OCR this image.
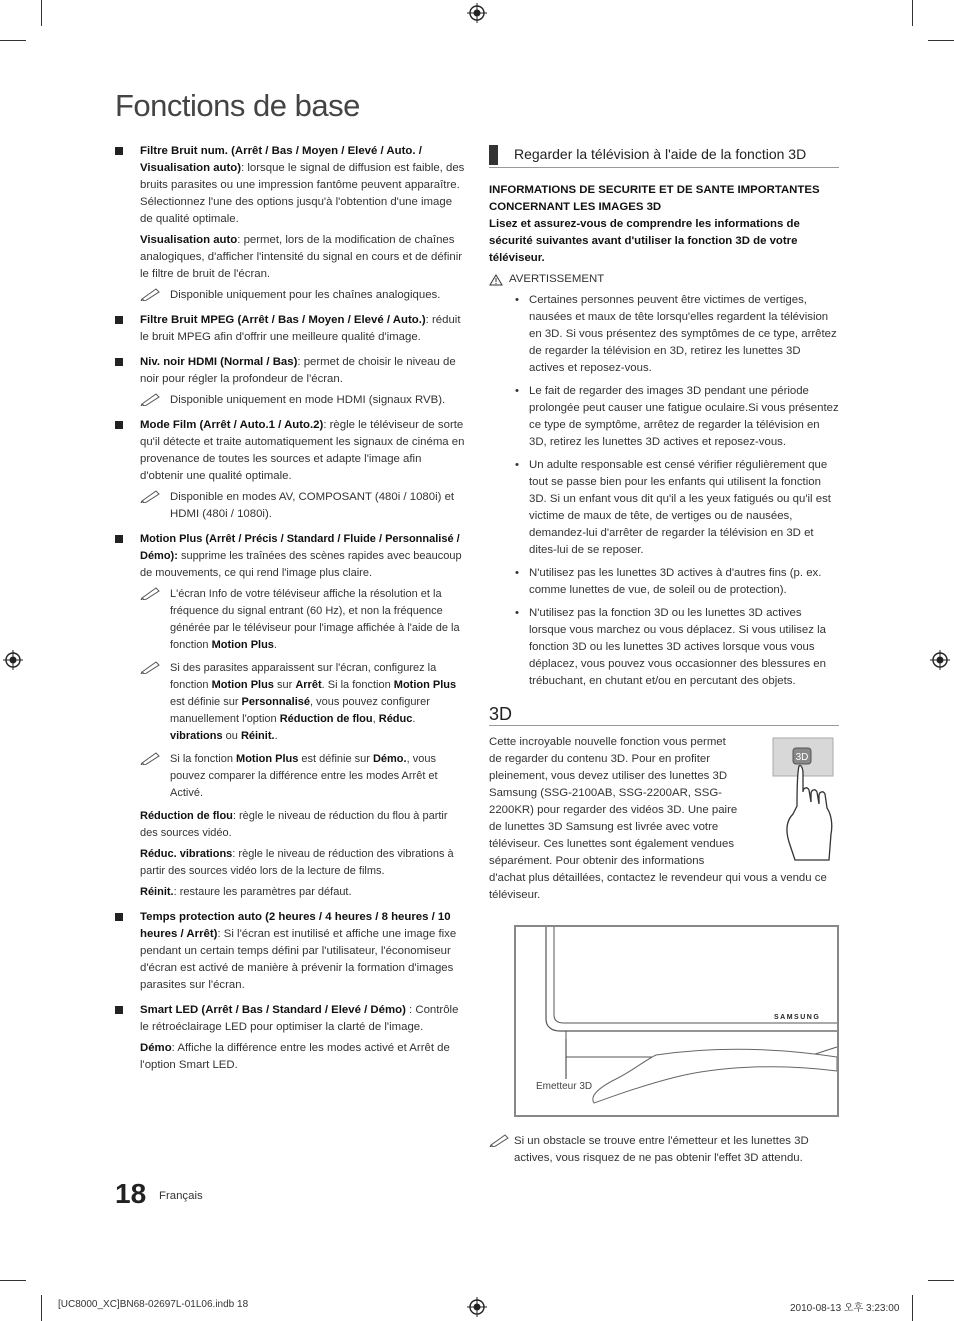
Fonctions de base

Filtre Bruit num. (Arrêt / Bas / Moyen / Elevé / Auto. / Visualisation auto): lorsque le signal de diffusion est faible, des bruits parasites ou une impression fantôme peuvent apparaître. Sélectionnez l'une des options jusqu'à l'obtention d'une image de qualité optimale.

Visualisation auto: permet, lors de la modification de chaînes analogiques, d'afficher l'intensité du signal en cours et de définir le filtre de bruit de l'écran.

Disponible uniquement pour les chaînes analogiques.

Filtre Bruit MPEG (Arrêt / Bas / Moyen / Elevé / Auto.): réduit le bruit MPEG afin d'offrir une meilleure qualité d'image.

Niv. noir HDMI (Normal / Bas): permet de choisir le niveau de noir pour régler la profondeur de l'écran.

Disponible uniquement en mode HDMI (signaux RVB).

Mode Film (Arrêt / Auto.1 / Auto.2): règle le téléviseur de sorte qu'il détecte et traite automatiquement les signaux de cinéma en provenance de toutes les sources et adapte l'image afin d'obtenir une qualité optimale.

Disponible en modes AV, COMPOSANT (480i / 1080i) et HDMI (480i / 1080i).

Motion Plus (Arrêt / Précis / Standard / Fluide / Personnalisé / Démo): supprime les traînées des scènes rapides avec beaucoup de mouvements, ce qui rend l'image plus claire.

L'écran Info de votre téléviseur affiche la résolution et la fréquence du signal entrant (60 Hz), et non la fréquence générée par le téléviseur pour l'image affichée à l'aide de la fonction Motion Plus.
Si des parasites apparaissent sur l'écran, configurez la fonction Motion Plus sur Arrêt. Si la fonction Motion Plus est définie sur Personnalisé, vous pouvez configurer manuellement l'option Réduction de flou, Réduc. vibrations ou Réinit..
Si la fonction Motion Plus est définie sur Démo., vous pouvez comparer la différence entre les modes Arrêt et Activé.

Réduction de flou: règle le niveau de réduction du flou à partir des sources vidéo.

Réduc. vibrations: règle le niveau de réduction des vibrations à partir des sources vidéo lors de la lecture de films.

Réinit.: restaure les paramètres par défaut.

Temps protection auto (2 heures / 4 heures / 8 heures / 10 heures / Arrêt): Si l'écran est inutilisé et affiche une image fixe pendant un certain temps défini par l'utilisateur, l'économiseur d'écran est activé de manière à prévenir la formation d'images parasites sur l'écran.

Smart LED (Arrêt / Bas / Standard / Elevé / Démo) : Contrôle le rétroéclairage LED pour optimiser la clarté de l'image.

Démo: Affiche la différence entre les modes activé et Arrêt de l'option Smart LED.

Regarder la télévision à l'aide de la fonction 3D

INFORMATIONS DE SECURITE ET DE SANTE IMPORTANTES CONCERNANT LES IMAGES 3D

Lisez et assurez-vous de comprendre les informations de sécurité suivantes avant d'utiliser la fonction 3D de votre téléviseur.

AVERTISSEMENT
• Certaines personnes peuvent être victimes de vertiges, nausées et maux de tête lorsqu'elles regardent la télévision en 3D. Si vous présentez des symptômes de ce type, arrêtez de regarder la télévision en 3D, retirez les lunettes 3D actives et reposez-vous.
• Le fait de regarder des images 3D pendant une période prolongée peut causer une fatigue oculaire.Si vous présentez ce type de symptôme, arrêtez de regarder la télévision en 3D, retirez les lunettes 3D actives et reposez-vous.
• Un adulte responsable est censé vérifier régulièrement que tout se passe bien pour les enfants qui utilisent la fonction 3D. Si un enfant vous dit qu'il a les yeux fatigués ou qu'il est victime de maux de tête, de vertiges ou de nausées, demandez-lui d'arrêter de regarder la télévision en 3D et dites-lui de se reposer.
• N'utilisez pas les lunettes 3D actives à d'autres fins (p. ex. comme lunettes de vue, de soleil ou de protection).
• N'utilisez pas la fonction 3D ou les lunettes 3D actives lorsque vous marchez ou vous déplacez. Si vous utilisez la fonction 3D ou les lunettes 3D actives lorsque vous vous déplacez, vous pouvez vous occasionner des blessures en trébuchant, en chutant et/ou en percutant des objets.
3D
3D

Cette incroyable nouvelle fonction vous permet de regarder du contenu 3D. Pour en profiter pleinement, vous devez utiliser des lunettes 3D Samsung (SSG-2100AB, SSG-2200AR, SSG-2200KR) pour regarder des vidéos 3D. Une paire de lunettes 3D Samsung est livrée avec votre téléviseur. Ces lunettes sont également vendues séparément. Pour obtenir des informations d'achat plus détaillées, contactez le revendeur qui vous a vendu ce téléviseur.

SAMSUNG
Emetteur 3D
Si un obstacle se trouve entre l'émetteur et les lunettes 3D actives, vous risquez de ne pas obtenir l'effet 3D attendu.
18 Français
[UC8000_XC]BN68-02697L-01L06.indb 18	2010-08-13 오후 3:23:00
